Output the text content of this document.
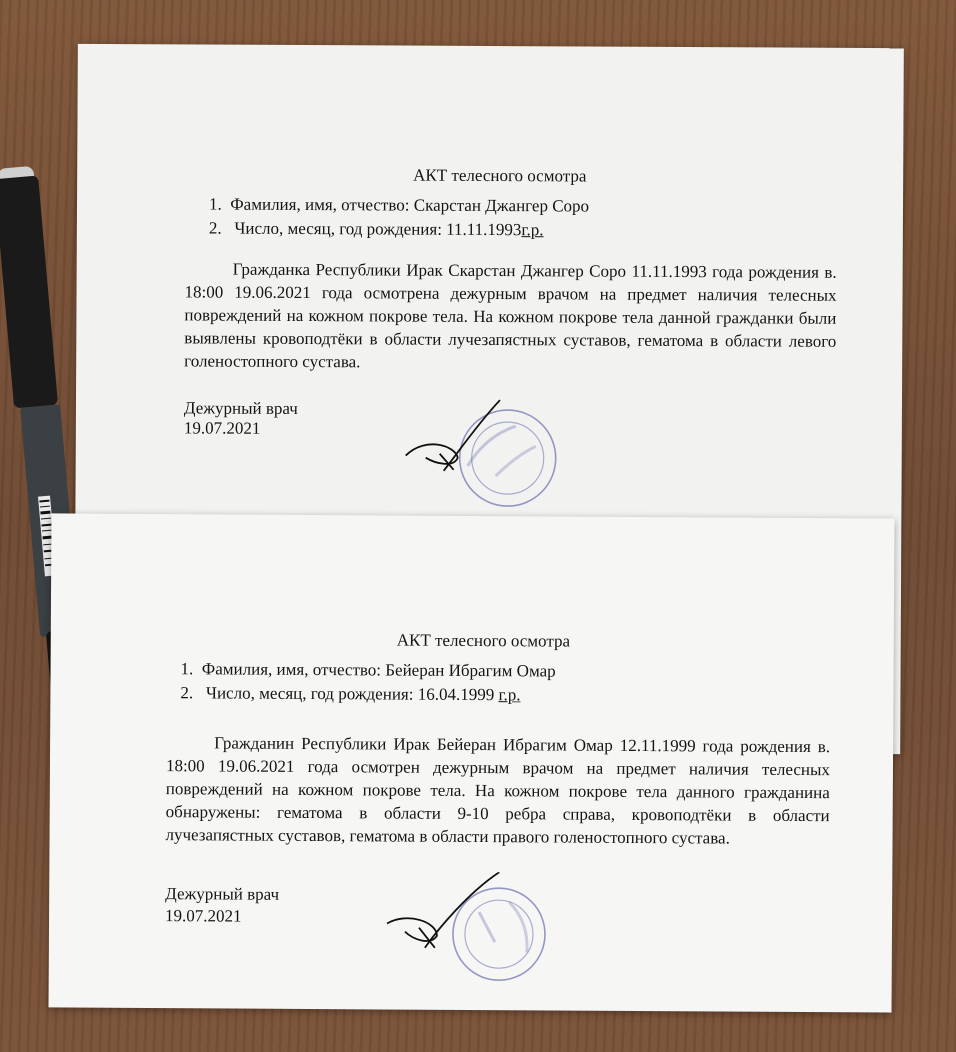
АКТ телесного осмотра
1. Фамилия, имя, отчество: Скарстан Джангер Соро
2. Число, месяц, год рождения: 11.11.1993г.р.
Гражданка Республики Ирак Скарстан Джангер Соро 11.11.1993 года рождения в. 18:00 19.06.2021 года осмотрена дежурным врачом на предмет наличия телесных повреждений на кожном покрове тела. На кожном покрове тела данной гражданки были выявлены кровоподтёки в области лучезапястных суставов, гематома в области левого голеностопного сустава.
Дежурный врач
19.07.2021
АКТ телесного осмотра
1. Фамилия, имя, отчество: Бейеран Ибрагим Омар
2. Число, месяц, год рождения: 16.04.1999 г.р.
Гражданин Республики Ирак Бейеран Ибрагим Омар 12.11.1999 года рождения в. 18:00 19.06.2021 года осмотрен дежурным врачом на предмет наличия телесных повреждений на кожном покрове тела. На кожном покрове тела данного гражданина обнаружены: гематома в области 9-10 ребра справа, кровоподтёки в области лучезапястных суставов, гематома в области правого голеностопного сустава.
Дежурный врач
19.07.2021
